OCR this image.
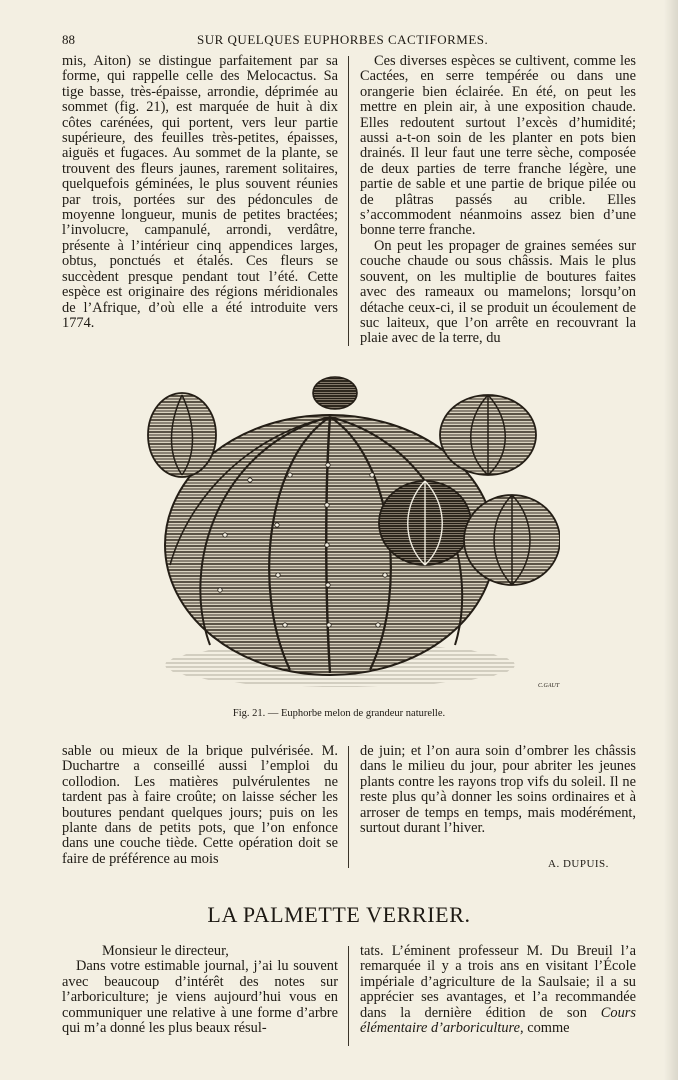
88	SUR QUELQUES EUPHORBES CACTIFORMES.

mis, Aiton) se distingue parfaitement par sa forme, qui rappelle celle des Melocactus. Sa tige basse, très-épaisse, arrondie, déprimée au sommet (fig. 21), est marquée de huit à dix côtes carénées, qui portent, vers leur partie supérieure, des feuilles très-petites, épaisses, aiguës et fugaces. Au sommet de la plante, se trouvent des fleurs jaunes, rarement solitaires, quelquefois géminées, le plus souvent réunies par trois, portées sur des pédoncules de moyenne longueur, munis de petites bractées; l’involucre, campanulé, arrondi, verdâtre, présente à l’intérieur cinq appendices larges, obtus, ponctués et étalés. Ces fleurs se succèdent presque pendant tout l’été. Cette espèce est originaire des régions méridionales de l’Afrique, d’où elle a été introduite vers 1774.

Ces diverses espèces se cultivent, comme les Cactées, en serre tempérée ou dans une orangerie bien éclairée. En été, on peut les mettre en plein air, à une exposition chaude. Elles redoutent surtout l’excès d’humidité; aussi a-t-on soin de les planter en pots bien drainés. Il leur faut une terre sèche, composée de deux parties de terre franche légère, une partie de sable et une partie de brique pilée ou de plâtras passés au crible. Elles s’accommodent néanmoins assez bien d’une bonne terre franche.

On peut les propager de graines semées sur couche chaude ou sous châssis. Mais le plus souvent, on les multiplie de boutures faites avec des rameaux ou mamelons; lorsqu’on détache ceux-ci, il se produit un écoulement de suc laiteux, que l’on arrête en recouvrant la plaie avec de la terre, du

C.GAUT
Fig. 21. — Euphorbe melon de grandeur naturelle.

sable ou mieux de la brique pulvérisée. M. Duchartre a conseillé aussi l’emploi du collodion. Les matières pulvérulentes ne tardent pas à faire croûte; on laisse sécher les boutures pendant quelques jours; puis on les plante dans de petits pots, que l’on enfonce dans une couche tiède. Cette opération doit se faire de préférence au mois

de juin; et l’on aura soin d’ombrer les châssis dans le milieu du jour, pour abriter les jeunes plants contre les rayons trop vifs du soleil. Il ne reste plus qu’à donner les soins ordinaires et à arroser de temps en temps, mais modérément, surtout durant l’hiver.

A. DUPUIS.
LA PALMETTE VERRIER.

Monsieur le directeur,

Dans votre estimable journal, j’ai lu souvent avec beaucoup d’intérêt des notes sur l’arboriculture; je viens aujourd’hui vous en communiquer une relative à une forme d’arbre qui m’a donné les plus beaux résul-

tats. L’éminent professeur M. Du Breuil l’a remarquée il y a trois ans en visitant l’École impériale d’agriculture de la Saulsaie; il a su apprécier ses avantages, et l’a recommandée dans la dernière édition de son Cours élémentaire d’arboriculture, comme
